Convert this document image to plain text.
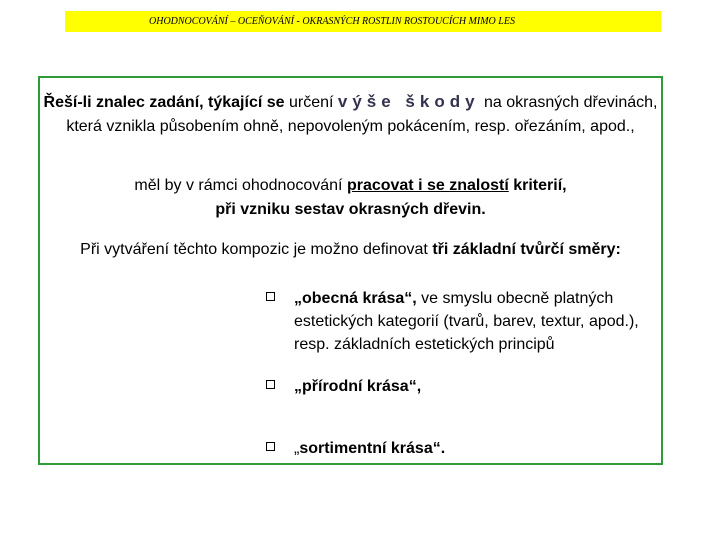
OHODNOCOVÁNÍ – OCEŇOVÁNÍ - OKRASNÝCH ROSTLIN ROSTOUCÍCH MIMO LES
Řeší-li znalec zadání, týkající se určení výše škody na okrasných dřevinách, která vznikla působením ohně, nepovoleným pokácením, resp. ořezáním, apod.,
měl by v rámci ohodnocování pracovat i se znalostí kriterií,
při vzniku sestav okrasných dřevin.
Při vytváření těchto kompozic je možno definovat tři základní tvůrčí směry:
„obecná krása“, ve smyslu obecně platných estetických kategorií (tvarů, barev, textur, apod.), resp. základních estetických principů
„přírodní krása“,
„sortimentní krása“.
